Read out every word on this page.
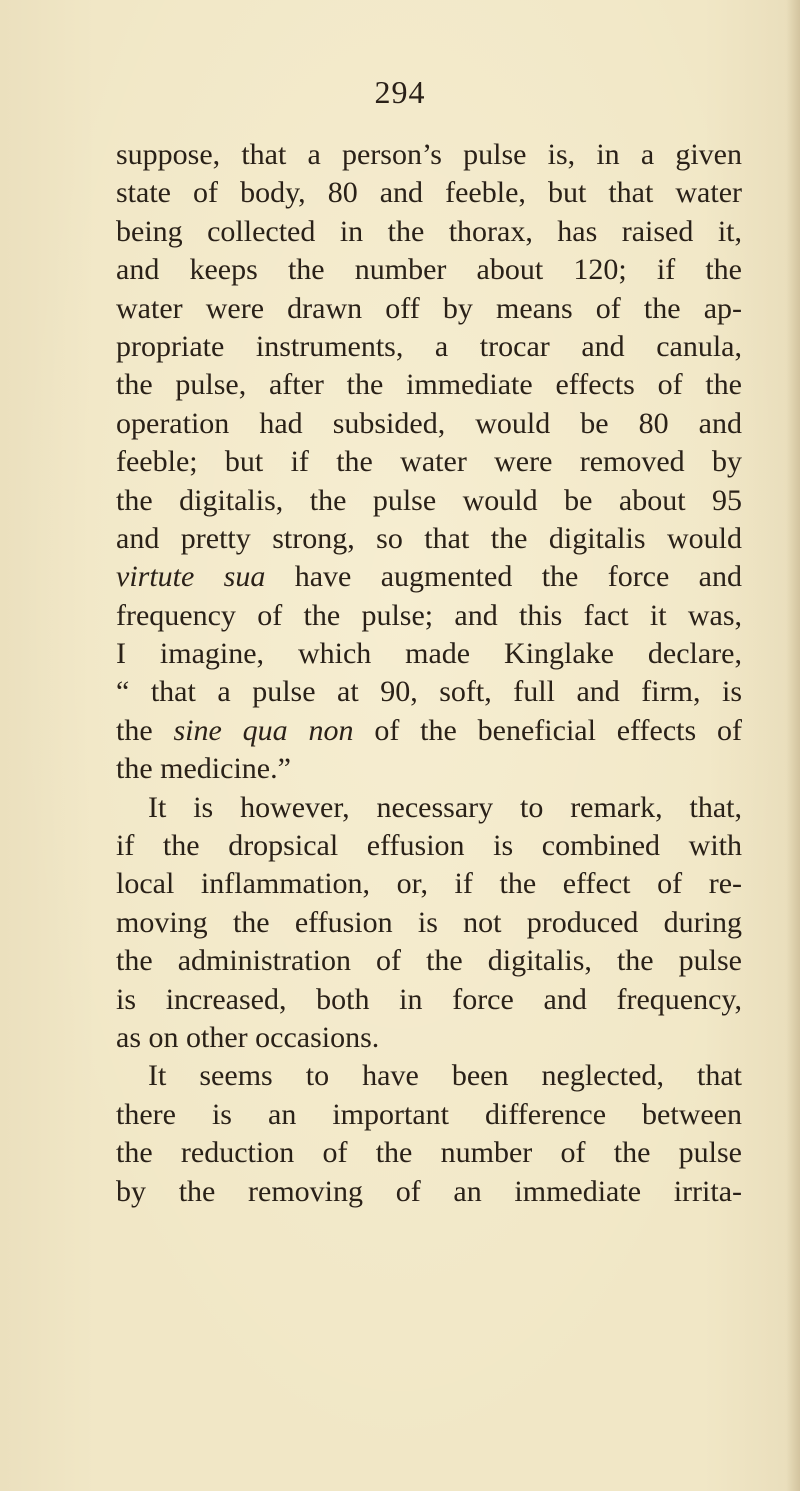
294
suppose, that a person’s pulse is, in a given
state of body, 80 and feeble, but that water
being collected in the thorax, has raised it,
and keeps the number about 120; if the
water were drawn off by means of the ap-
propriate instruments, a trocar and canula,
the pulse, after the immediate effects of the
operation had subsided, would be 80 and
feeble; but if the water were removed by
the digitalis, the pulse would be about 95
and pretty strong, so that the digitalis would
virtute sua have augmented the force and
frequency of the pulse; and this fact it was,
I imagine, which made Kinglake declare,
“ that a pulse at 90, soft, full and firm, is
the sine qua non of the beneficial effects of
the medicine.”
It is however, necessary to remark, that,
if the dropsical effusion is combined with
local inflammation, or, if the effect of re-
moving the effusion is not produced during
the administration of the digitalis, the pulse
is increased, both in force and frequency,
as on other occasions.
It seems to have been neglected, that
there is an important difference between
the reduction of the number of the pulse
by the removing of an immediate irrita-
